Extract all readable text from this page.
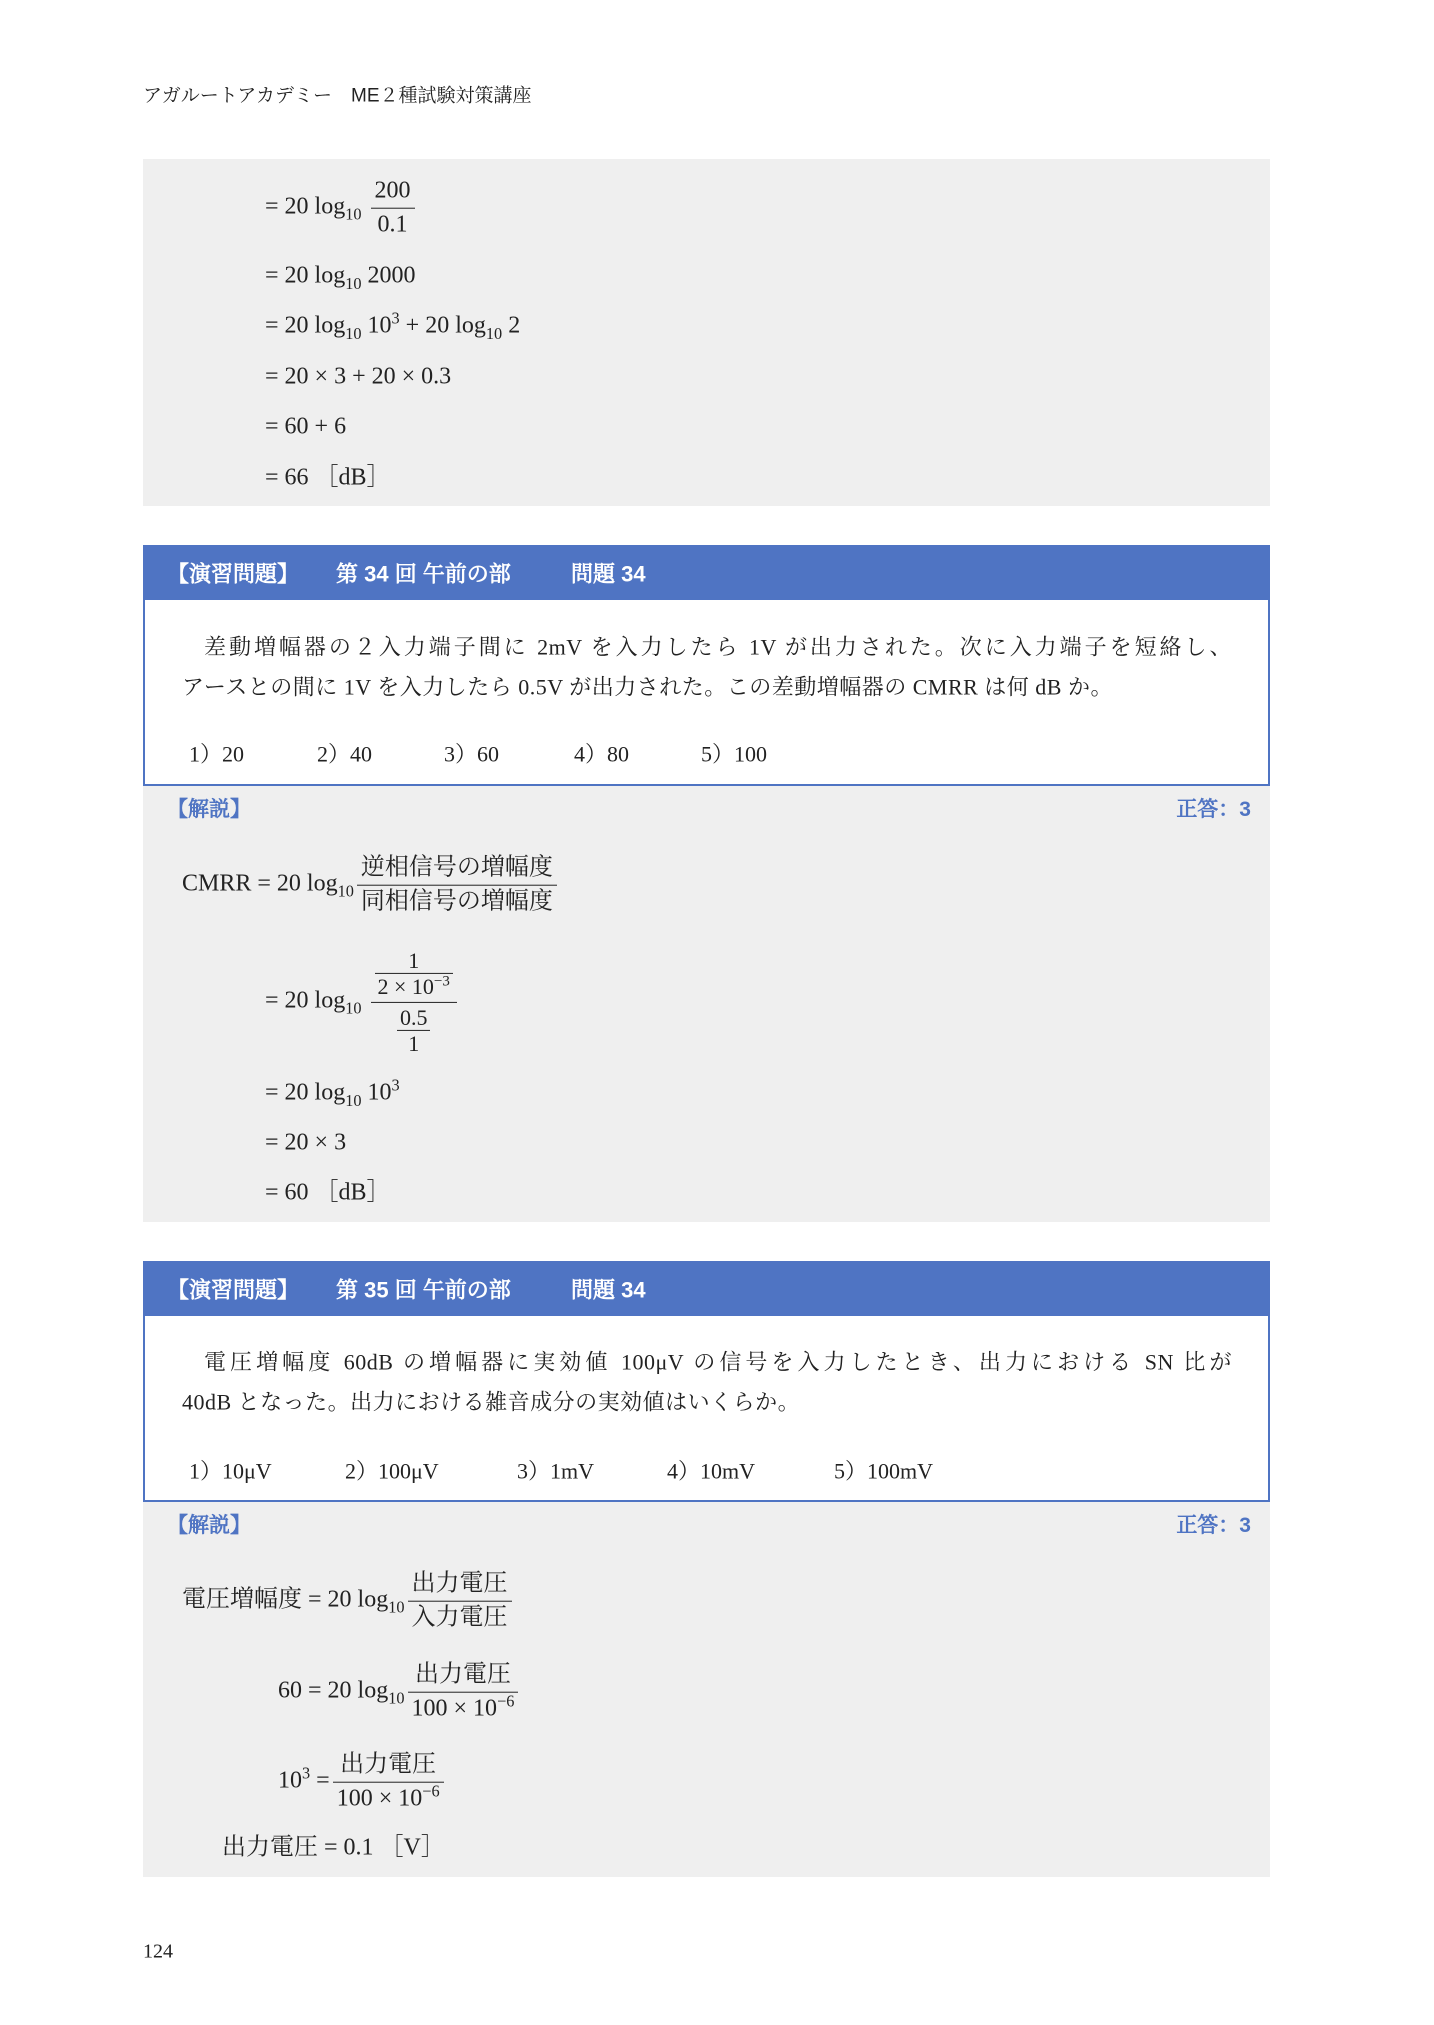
アガルートアカデミー　ME２種試験対策講座
= 20 $\log_{10} \frac{200}{0.1}$
= 20 $\log_{10} 2000$
= 20 $\log_{10} 10^3 + 20$ $\log_{10} 2$
= 20 × 3 + 20 × 0.3
= 60 + 6
= 66 ［dB］
【演習問題】 第 34 回 午前の部	問題 34

差動増幅器の２入力端子間に 2mV を入力したら 1V が出力された。次に入力端子を短絡し、

アースとの間に 1V を入力したら 0.5V が出力された。この差動増幅器の CMRR は何 dB か。

1）20	2）40	3）60	4）80	5）100
【解説】	正答：3
CMRR = 20 $\log_{10} \frac{\text{逆相信号の増幅度}}{\text{同相信号の増幅度}}$
= 20 $\log_{10} \frac{\frac{1}{2 \times 10^{-3}}}{\frac{0.5}{1}}$
= 20 $\log_{10} 10^3$
= 20 × 3
= 60 ［dB］
【演習問題】 第 35 回 午前の部	問題 34

電圧増幅度 60dB の増幅器に実効値 100μV の信号を入力したとき、出力における SN 比が

40dB となった。出力における雑音成分の実効値はいくらか。

1）10μV	2）100μV	3）1mV	4）10mV	5）100mV
【解説】	正答：3
電圧増幅度 = 20 $\log_{10} \frac{\text{出力電圧}}{\text{入力電圧}}$
60 = 20 $\log_{10} \frac{\text{出力電圧}}{100 \times 10^{-6}}$
$10^3 = \frac{\text{出力電圧}}{100 \times 10^{-6}}$
出力電圧 = 0.1 ［V］
124
